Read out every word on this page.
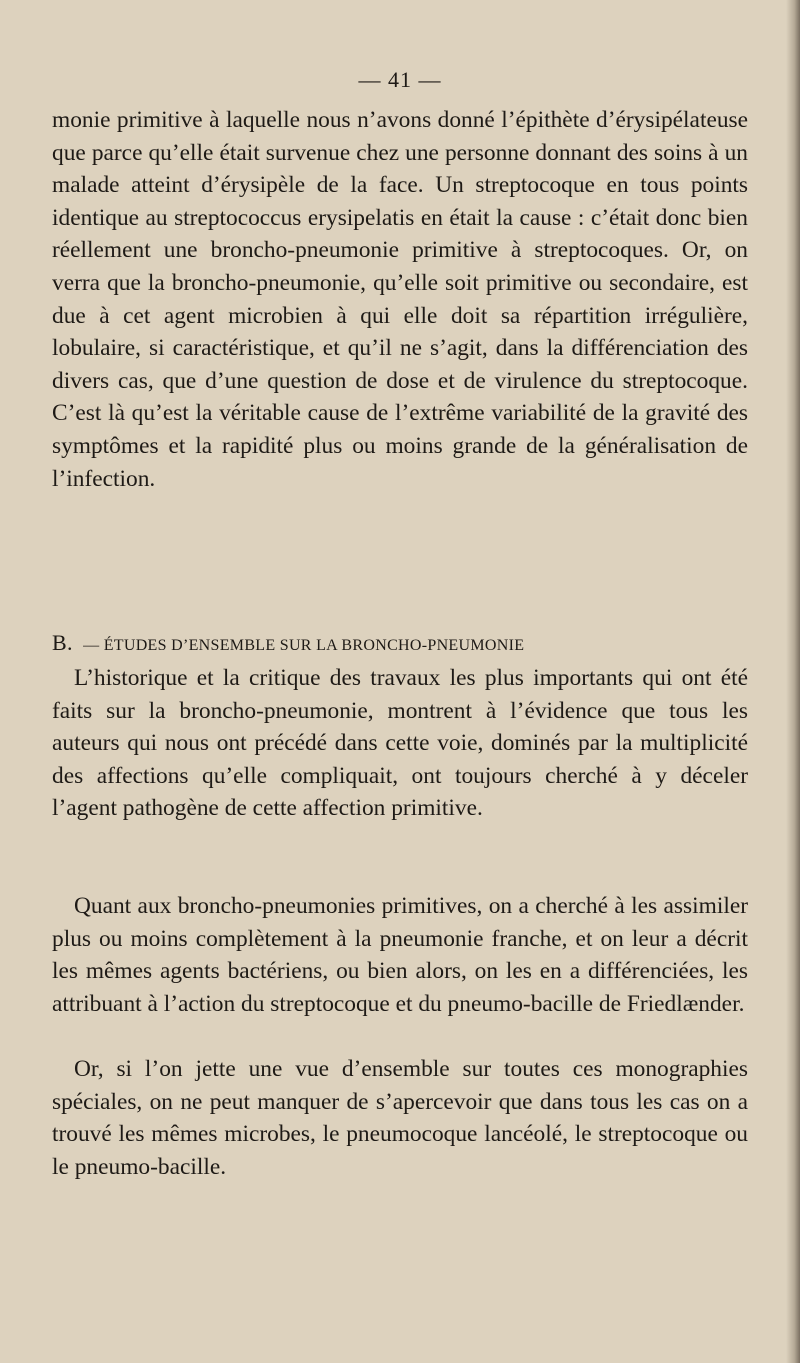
— 41 —

monie primitive à laquelle nous n’avons donné l’épithète d’érysipélateuse que parce qu’elle était survenue chez une personne donnant des soins à un malade atteint d’érysipèle de la face. Un streptocoque en tous points identique au streptococcus erysipelatis en était la cause : c’était donc bien réellement une broncho-pneumonie primitive à streptocoques. Or, on verra que la broncho-pneumonie, qu’elle soit primitive ou secondaire, est due à cet agent microbien à qui elle doit sa répartition irrégulière, lobulaire, si caractéristique, et qu’il ne s’agit, dans la différenciation des divers cas, que d’une question de dose et de virulence du streptocoque. C’est là qu’est la véritable cause de l’extrême variabilité de la gravité des symptômes et la rapidité plus ou moins grande de la généralisation de l’infection.

B. — ÉTUDES D’ENSEMBLE SUR LA BRONCHO-PNEUMONIE

L’historique et la critique des travaux les plus importants qui ont été faits sur la broncho-pneumonie, montrent à l’évidence que tous les auteurs qui nous ont précédé dans cette voie, dominés par la multiplicité des affections qu’elle compliquait, ont toujours cherché à y déceler l’agent pathogène de cette affection primitive.

Quant aux broncho-pneumonies primitives, on a cherché à les assimiler plus ou moins complètement à la pneumonie franche, et on leur a décrit les mêmes agents bactériens, ou bien alors, on les en a différenciées, les attribuant à l’action du streptocoque et du pneumo-bacille de Friedlænder.

Or, si l’on jette une vue d’ensemble sur toutes ces monographies spéciales, on ne peut manquer de s’apercevoir que dans tous les cas on a trouvé les mêmes microbes, le pneumocoque lancéolé, le streptocoque ou le pneumo-bacille.
